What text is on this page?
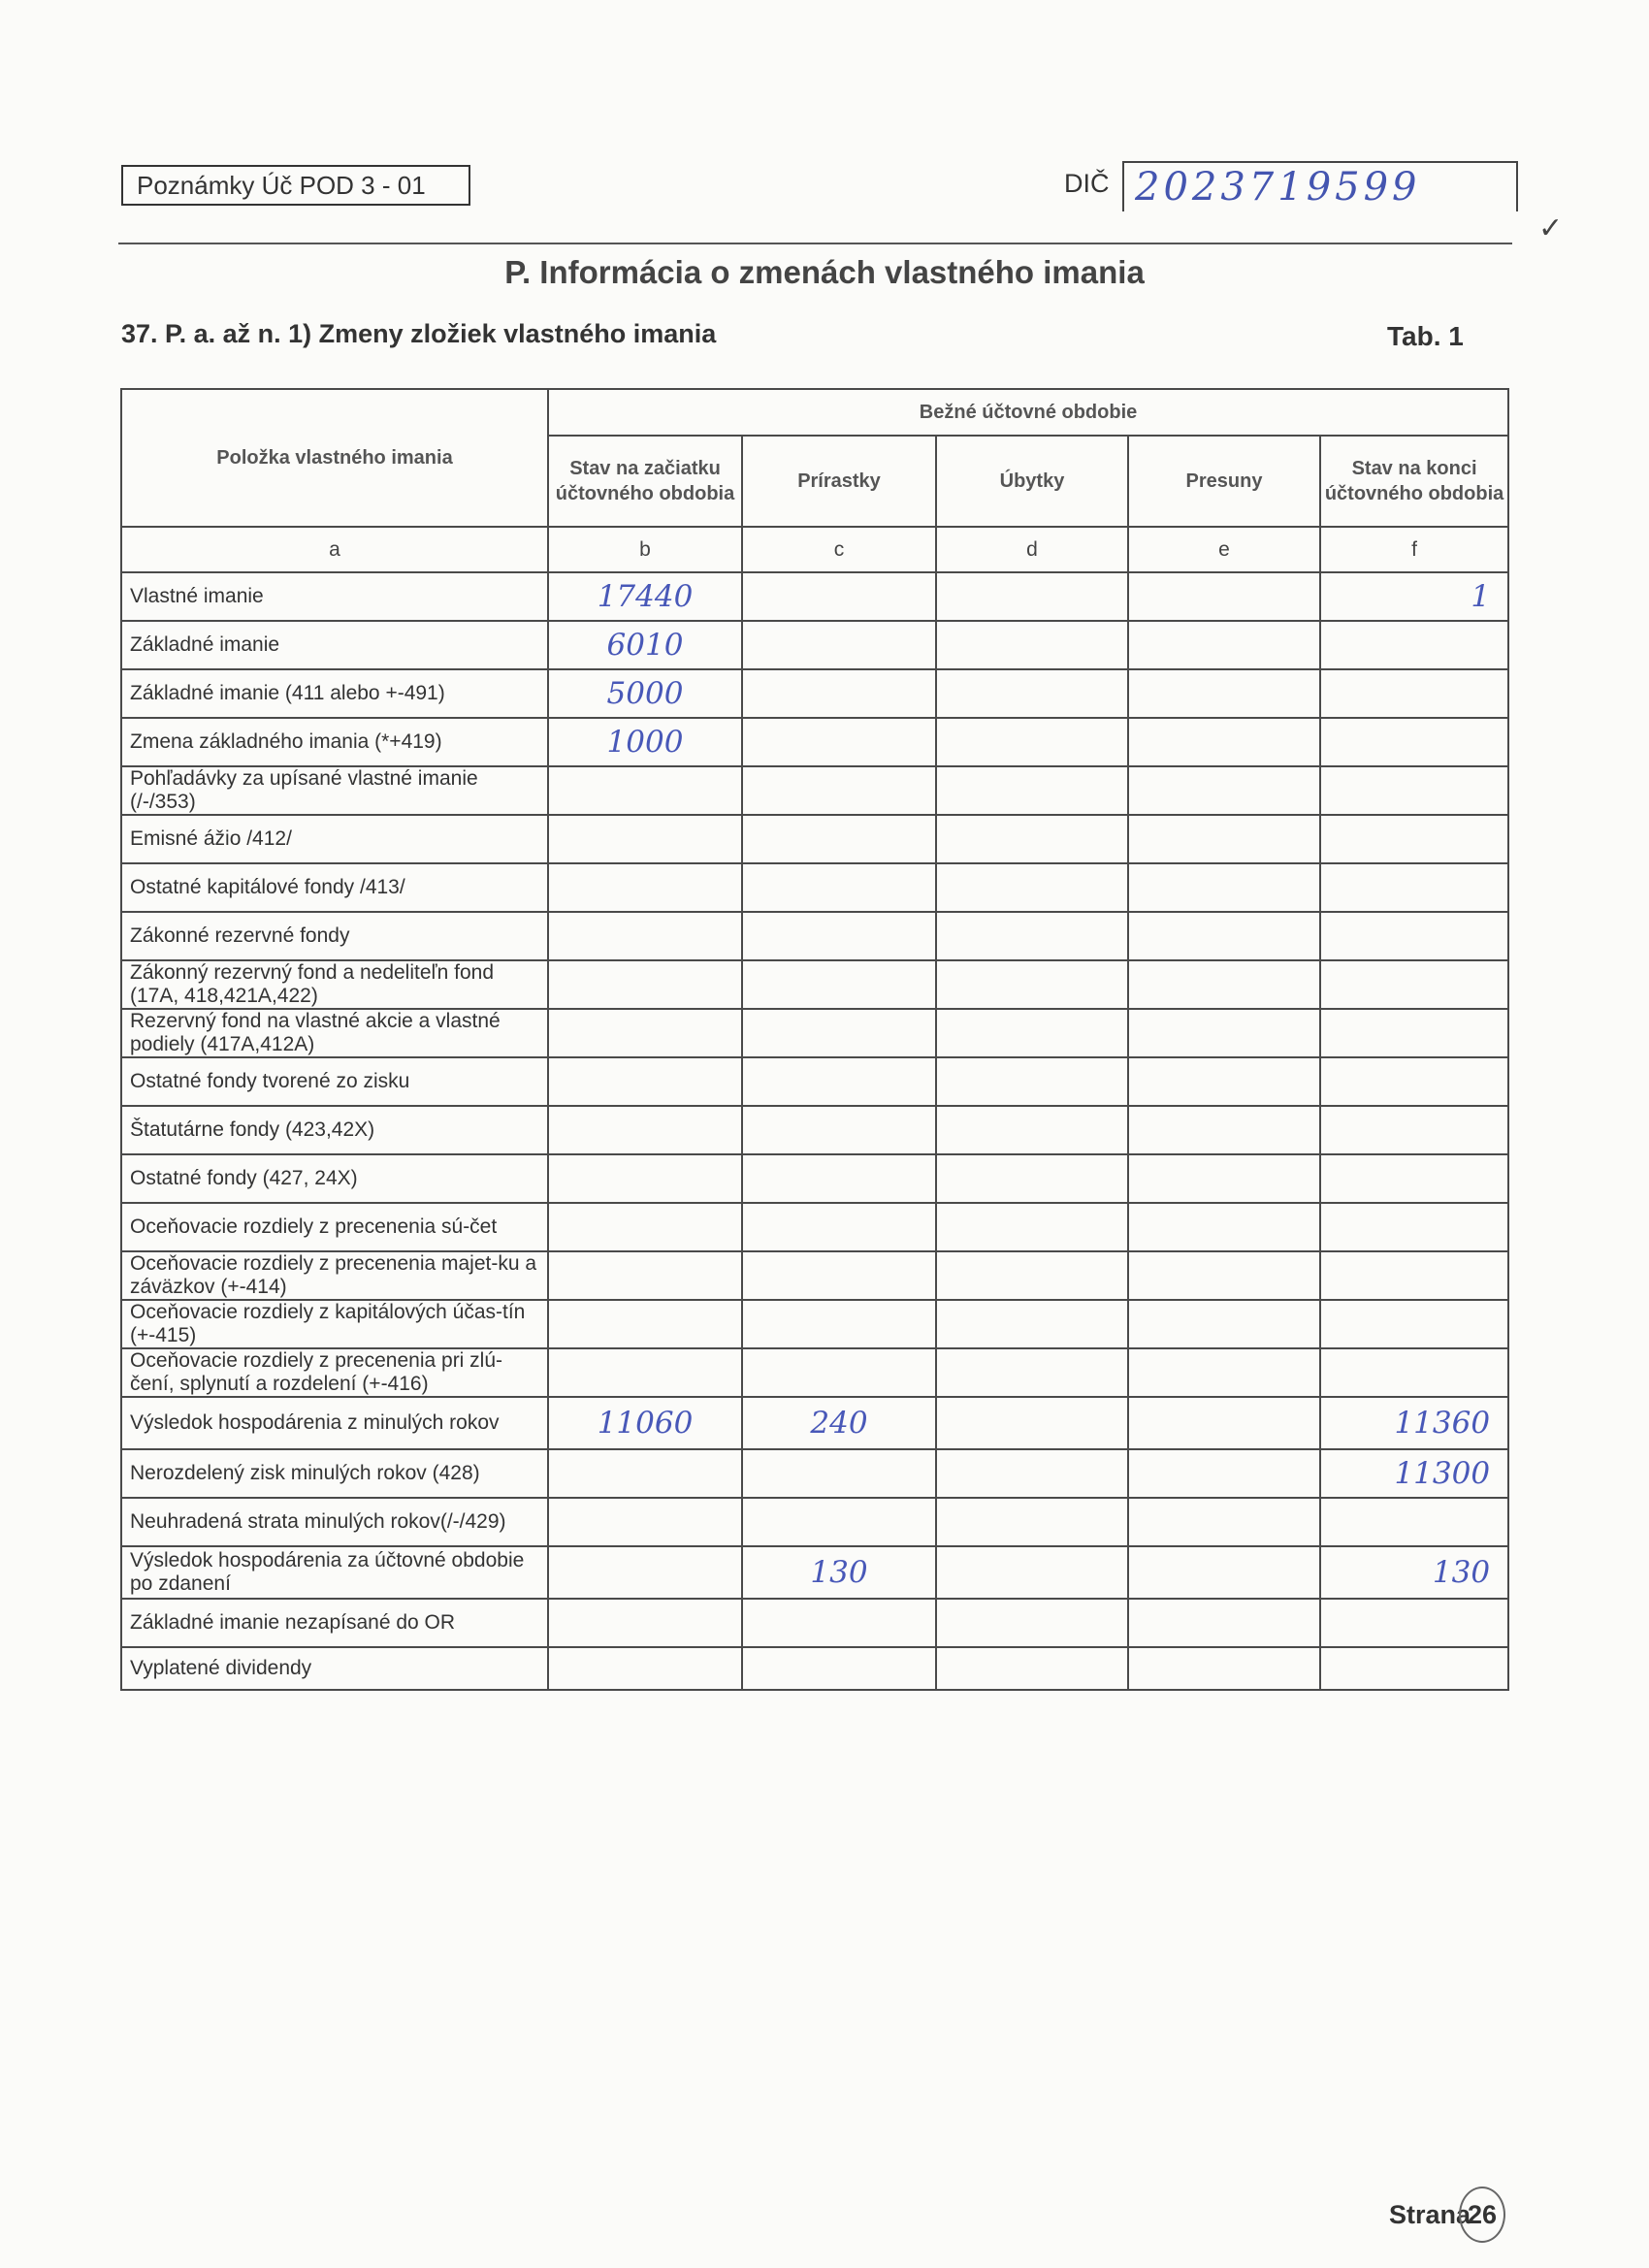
Poznámky Úč POD 3 - 01	DIČ 2023719599
✓
P. Informácia o zmenách vlastného imania
37. P. a. až n. 1) Zmeny zložiek vlastného imania	Tab. 1
Položka vlastného imania	Bežné účtovné obdobie				
	Stav na začiatku účtovného obdobia	Prírastky	Úbytky	Presuny	Stav na konci účtovného obdobia
a	b	c	d	e	f
Vlastné imanie	17440				1
Základné imanie	6010				
Základné imanie (411 alebo +-491)	5000				
Zmena základného imania (*+419)	1000				
Pohľadávky za upísané vlastné imanie (/-/353)					
Emisné ážio /412/					
Ostatné kapitálové fondy /413/					
Zákonné rezervné fondy					
Zákonný rezervný fond a nedeliteľn fond (17A, 418,421A,422)					
Rezervný fond na vlastné akcie a vlastné podiely (417A,412A)					
Ostatné fondy tvorené zo zisku					
Štatutárne fondy (423,42X)					
Ostatné fondy (427, 24X)					
Oceňovacie rozdiely z precenenia sú-čet					
Oceňovacie rozdiely z precenenia majet-ku a záväzkov (+-414)					
Oceňovacie rozdiely z kapitálových účas-tín (+-415)					
Oceňovacie rozdiely z precenenia pri zlú-čení, splynutí a rozdelení (+-416)					
Výsledok hospodárenia z minulých rokov	11060	240			11360
Nerozdelený zisk minulých rokov (428)					11300
Neuhradená strata minulých rokov(/-/429)					
Výsledok hospodárenia za účtovné obdobie po zdanení		130			130
Základné imanie nezapísané do OR					
Vyplatené dividendy					
Strana
26
